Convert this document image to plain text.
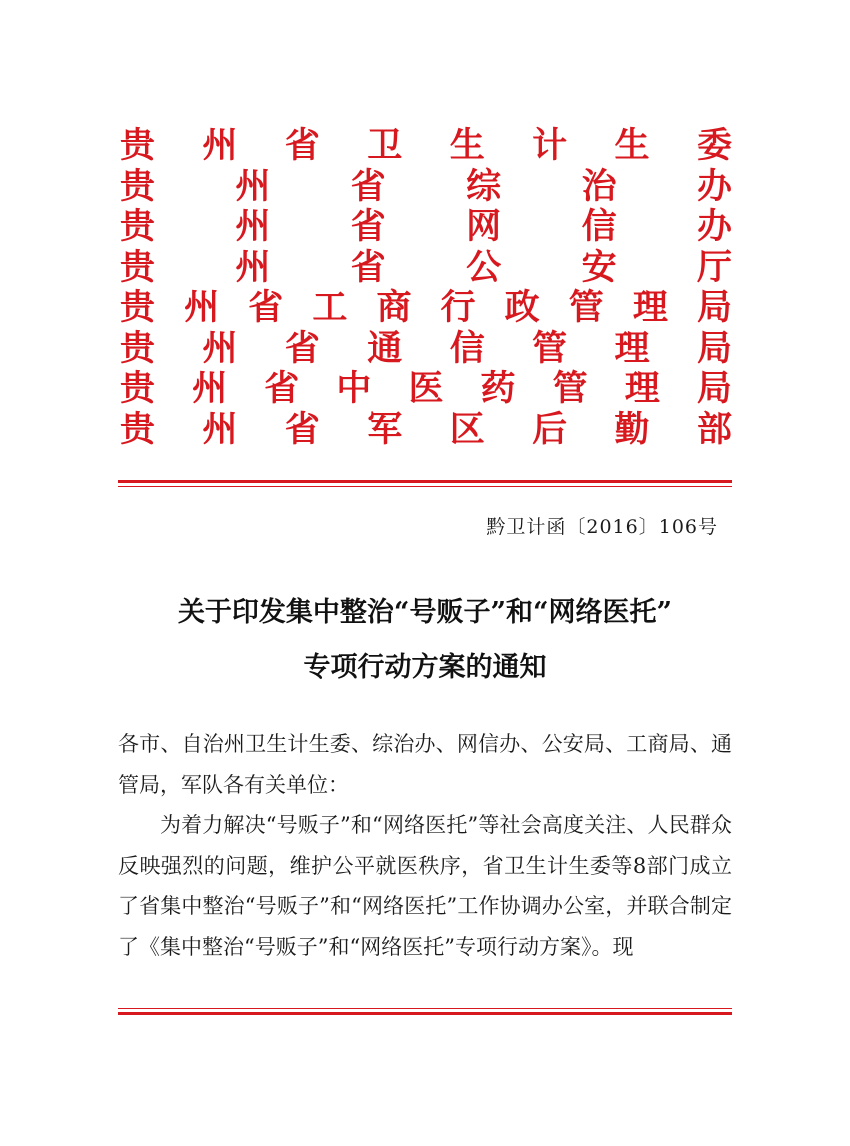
贵 州 省 卫 生 计 生 委
贵 州 省 综 治 办
贵 州 省 网 信 办
贵 州 省 公 安 厅
贵 州 省 工 商 行 政 管 理 局
贵 州 省 通 信 管 理 局
贵 州 省 中 医 药 管 理 局
贵 州 省 军 区 后 勤 部
黔卫计函〔2016〕106号
关于印发集中整治“号贩子”和“网络医托”
专项行动方案的通知

各市、自治州卫生计生委、综治办、网信办、公安局、工商局、通管局，军队各有关单位：

为着力解决“号贩子”和“网络医托”等社会高度关注、人民群众反映强烈的问题，维护公平就医秩序，省卫生计生委等8部门成立了省集中整治“号贩子”和“网络医托”工作协调办公室，并联合制定了《集中整治“号贩子”和“网络医托”专项行动方案》。现
